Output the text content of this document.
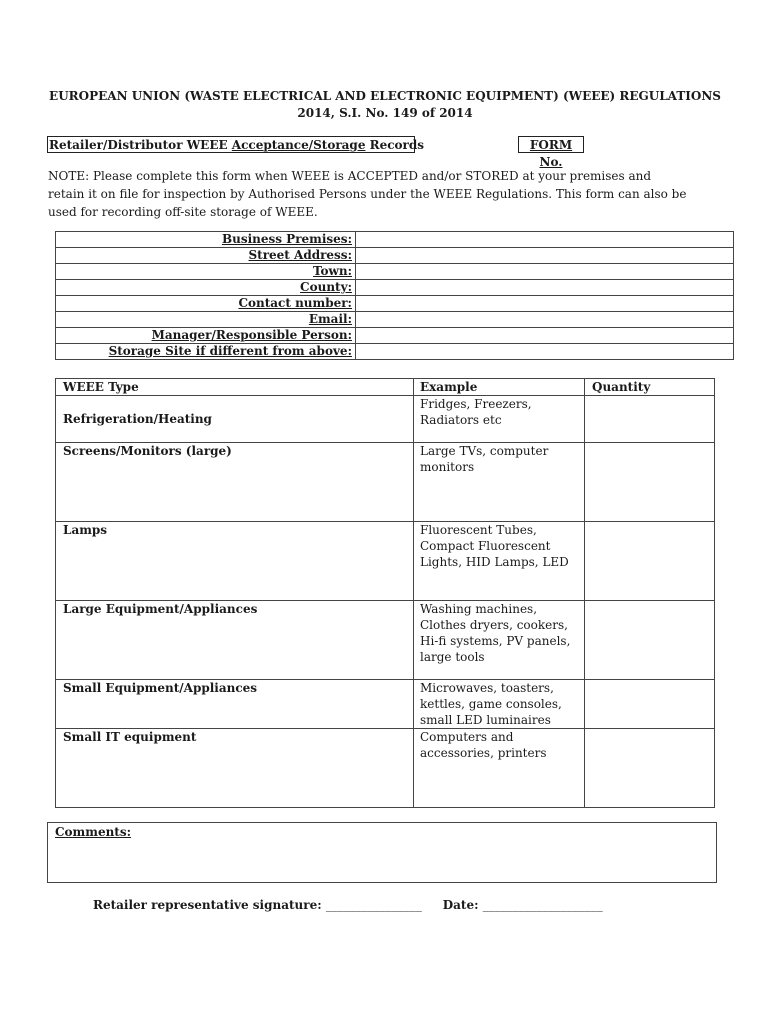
EUROPEAN UNION (WASTE ELECTRICAL AND ELECTRONIC EQUIPMENT) (WEEE) REGULATIONS
2014, S.I. No. 149 of 2014
Retailer/Distributor WEEE Acceptance/Storage Records	FORM No.
NOTE: Please complete this form when WEEE is ACCEPTED and/or STORED at your premises and retain it on file for inspection by Authorised Persons under the WEEE Regulations. This form can also be used for recording off-site storage of WEEE.
Business Premises:	
Street Address:	
Town:	
County:	
Contact number:	
Email:	
Manager/Responsible Person:	
Storage Site if different from above:	
WEEE Type	Example	Quantity
Refrigeration/Heating	Fridges, Freezers, Radiators etc	
Screens/Monitors (large)	Large TVs, computer monitors	
Lamps	Fluorescent Tubes, Compact Fluorescent Lights, HID Lamps, LED	
Large Equipment/Appliances	Washing machines, Clothes dryers, cookers, Hi-fi systems, PV panels, large tools	
Small Equipment/Appliances	Microwaves, toasters, kettles, game consoles, small LED luminaires	
Small IT equipment	Computers and accessories, printers	
Comments:
Retailer representative signature: ________________ Date: ____________________
